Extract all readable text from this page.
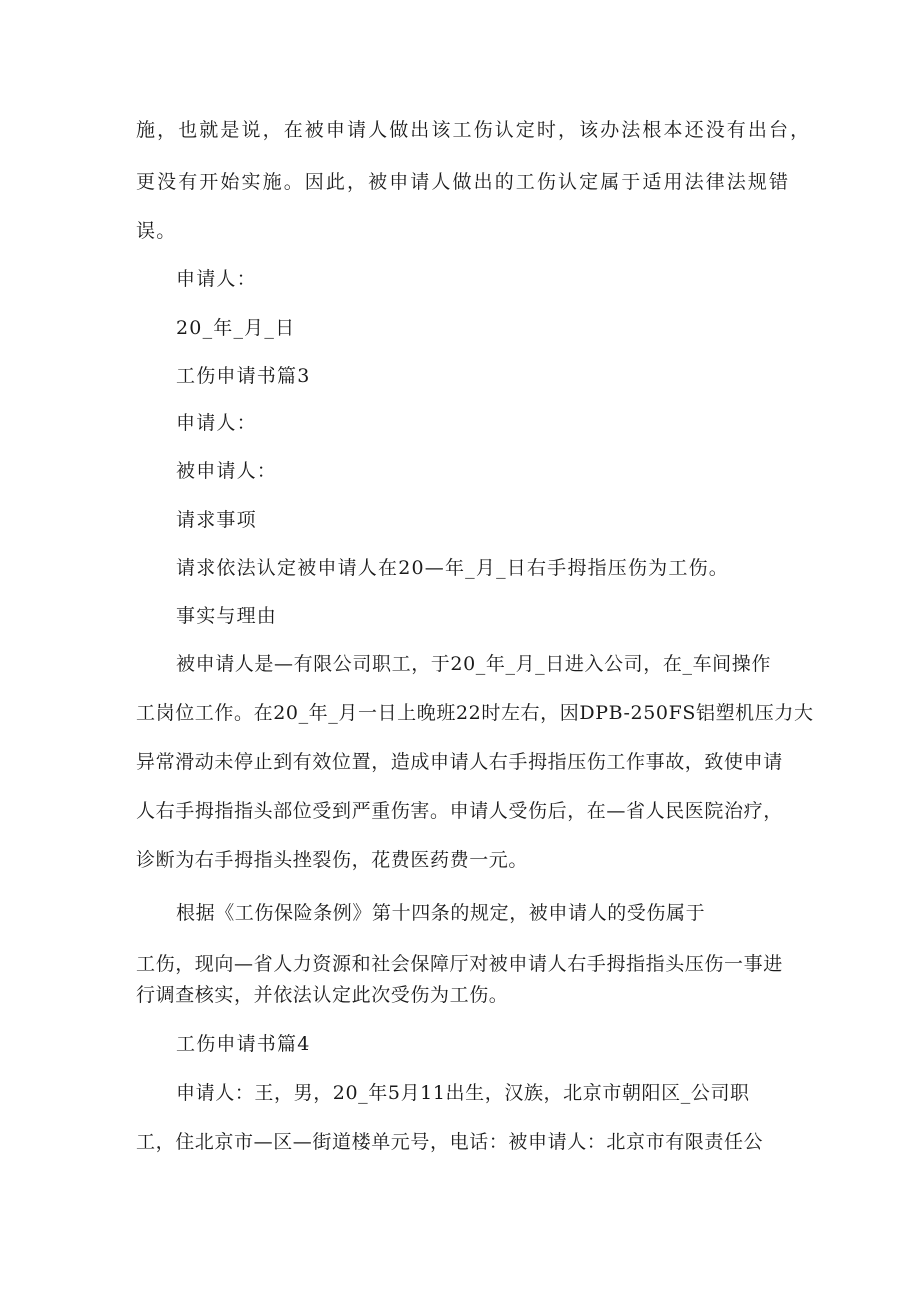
施，也就是说，在被申请人做出该工伤认定时，该办法根本还没有出台，
更没有开始实施。因此，被申请人做出的工伤认定属于适用法律法规错
误。
申请人：
20_年_月_日
工伤申请书篇3
申请人：
被申请人：
请求事项
请求依法认定被申请人在20—年_月_日右手拇指压伤为工伤。
事实与理由
被申请人是—有限公司职工，于20_年_月_日进入公司，在_车间操作
工岗位工作。在20_年_月一日上晚班22时左右，因DPB-250FS铝塑机压力大
异常滑动未停止到有效位置，造成申请人右手拇指压伤工作事故，致使申请
人右手拇指指头部位受到严重伤害。申请人受伤后，在—省人民医院治疗，
诊断为右手拇指头挫裂伤，花费医药费一元。
根据《工伤保险条例》第十四条的规定，被申请人的受伤属于
工伤，现向—省人力资源和社会保障厅对被申请人右手拇指指头压伤一事进
行调查核实，并依法认定此次受伤为工伤。
工伤申请书篇4
申请人：王，男，20_年5月11出生，汉族，北京市朝阳区_公司职
工，住北京市—区—街道楼单元号，电话：被申请人：北京市有限责任公
